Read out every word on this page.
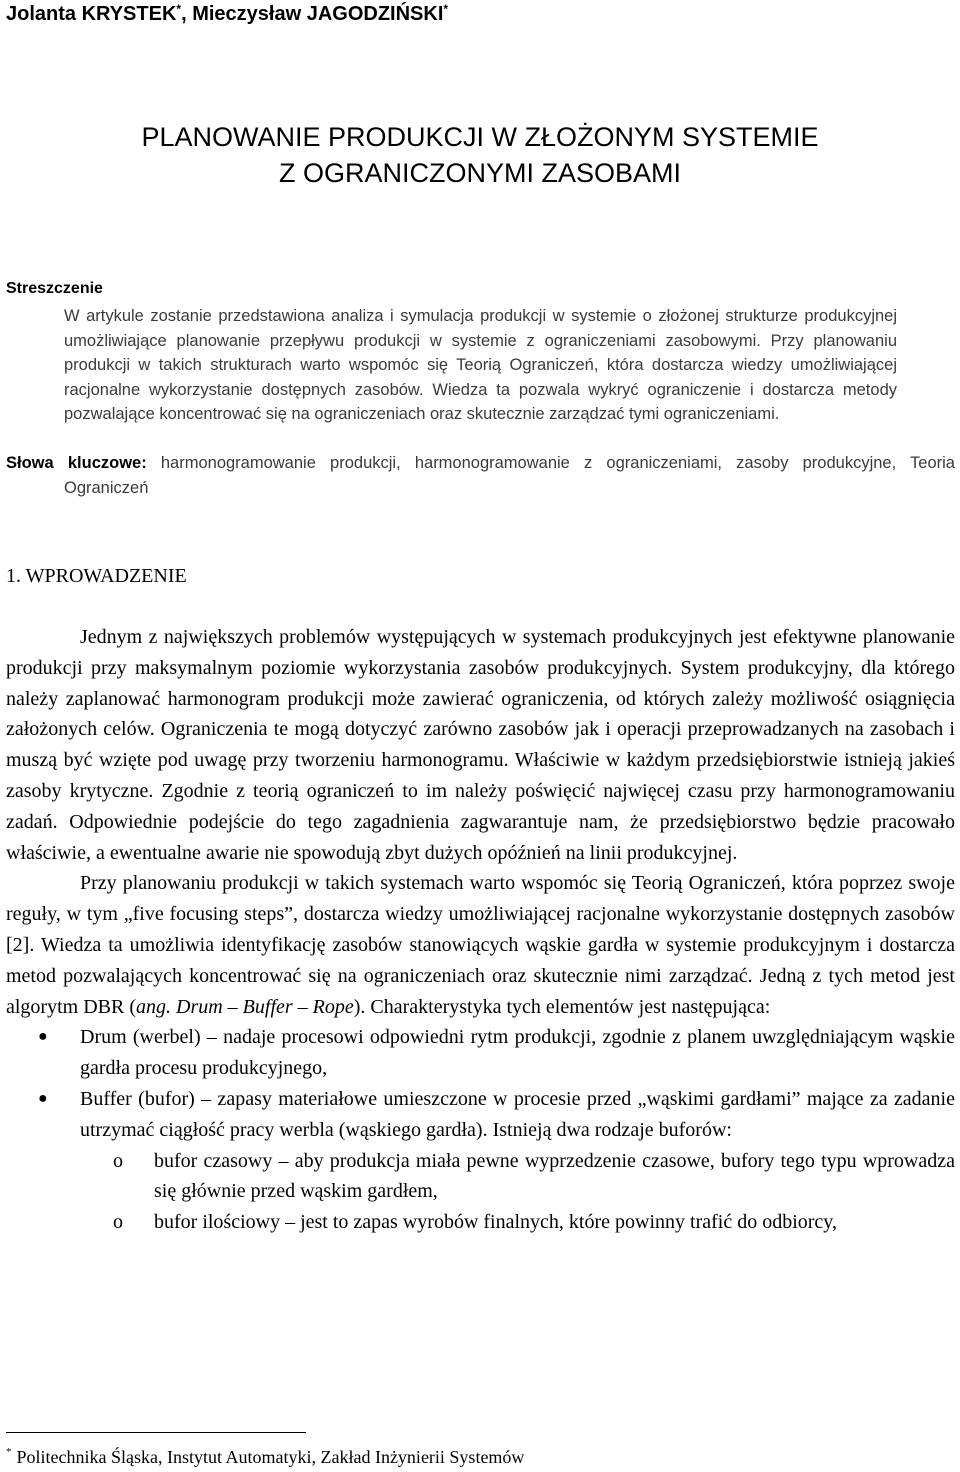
Jolanta KRYSTEK*, Mieczysław JAGODZIŃSKI*
PLANOWANIE PRODUKCJI W ZŁOŻONYM SYSTEMIE
Z OGRANICZONYMI ZASOBAMI
Streszczenie

W artykule zostanie przedstawiona analiza i symulacja produkcji w systemie o złożonej strukturze produkcyjnej umożliwiające planowanie przepływu produkcji w systemie z ograniczeniami zasobowymi. Przy planowaniu produkcji w takich strukturach warto wspomóc się Teorią Ograniczeń, która dostarcza wiedzy umożliwiającej racjonalne wykorzystanie dostępnych zasobów. Wiedza ta pozwala wykryć ograniczenie i dostarcza metody pozwalające koncentrować się na ograniczeniach oraz skutecznie zarządzać tymi ograniczeniami.

Słowa kluczowe: harmonogramowanie produkcji, harmonogramowanie z ograniczeniami, zasoby produkcyjne, Teoria Ograniczeń

1. WPROWADZENIE

Jednym z największych problemów występujących w systemach produkcyjnych jest efektywne planowanie produkcji przy maksymalnym poziomie wykorzystania zasobów produkcyjnych. System produkcyjny, dla którego należy zaplanować harmonogram produkcji może zawierać ograniczenia, od których zależy możliwość osiągnięcia założonych celów. Ograniczenia te mogą dotyczyć zarówno zasobów jak i operacji przeprowadzanych na zasobach i muszą być wzięte pod uwagę przy tworzeniu harmonogramu. Właściwie w każdym przedsiębiorstwie istnieją jakieś zasoby krytyczne. Zgodnie z teorią ograniczeń to im należy poświęcić najwięcej czasu przy harmonogramowaniu zadań. Odpowiednie podejście do tego zagadnienia zagwarantuje nam, że przedsiębiorstwo będzie pracowało właściwie, a ewentualne awarie nie spowodują zbyt dużych opóźnień na linii produkcyjnej.

Przy planowaniu produkcji w takich systemach warto wspomóc się Teorią Ograniczeń, która poprzez swoje reguły, w tym „five focusing steps”, dostarcza wiedzy umożliwiającej racjonalne wykorzystanie dostępnych zasobów [2]. Wiedza ta umożliwia identyfikację zasobów stanowiących wąskie gardła w systemie produkcyjnym i dostarcza metod pozwalających koncentrować się na ograniczeniach oraz skutecznie nimi zarządzać. Jedną z tych metod jest algorytm DBR (ang. Drum – Buffer – Rope). Charakterystyka tych elementów jest następująca:

● Drum (werbel) – nadaje procesowi odpowiedni rytm produkcji, zgodnie z planem uwzględniającym wąskie gardła procesu produkcyjnego,
● Buffer (bufor) – zapasy materiałowe umieszczone w procesie przed „wąskimi gardłami” mające za zadanie utrzymać ciągłość pracy werbla (wąskiego gardła). Istnieją dwa rodzaje buforów:
o bufor czasowy – aby produkcja miała pewne wyprzedzenie czasowe, bufory tego typu wprowadza się głównie przed wąskim gardłem,
o bufor ilościowy – jest to zapas wyrobów finalnych, które powinny trafić do odbiorcy,
* Politechnika Śląska, Instytut Automatyki, Zakład Inżynierii Systemów
